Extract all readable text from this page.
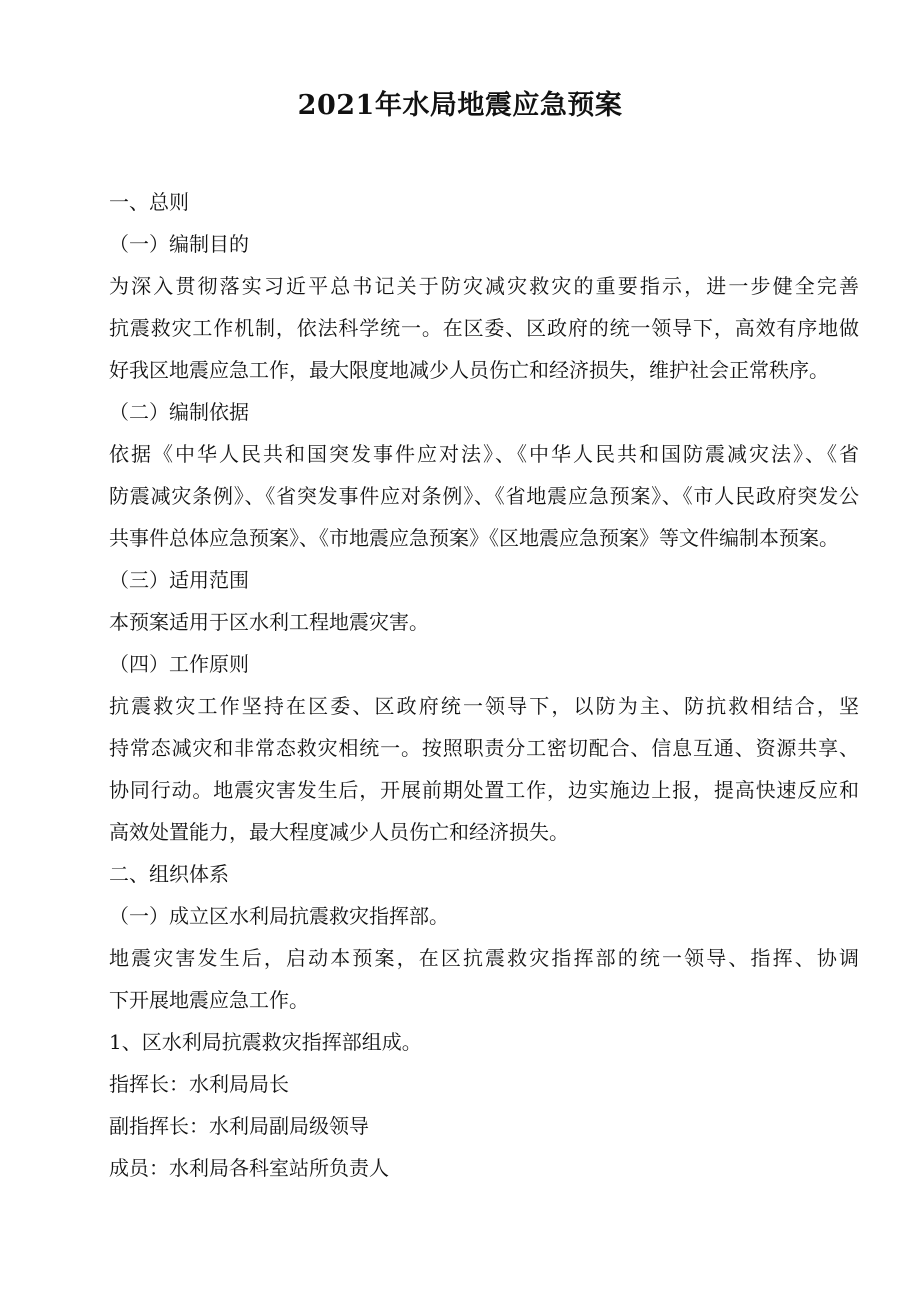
2021年水局地震应急预案
一、总则
（一）编制目的
为深入贯彻落实习近平总书记关于防灾减灾救灾的重要指示，进一步健全完善
抗震救灾工作机制，依法科学统一。在区委、区政府的统一领导下，高效有序地做
好我区地震应急工作，最大限度地减少人员伤亡和经济损失，维护社会正常秩序。
（二）编制依据
依据《中华人民共和国突发事件应对法》、《中华人民共和国防震减灾法》、《省
防震减灾条例》、《省突发事件应对条例》、《省地震应急预案》、《市人民政府突发公
共事件总体应急预案》、《市地震应急预案》《区地震应急预案》等文件编制本预案。
（三）适用范围
本预案适用于区水利工程地震灾害。
（四）工作原则
抗震救灾工作坚持在区委、区政府统一领导下，以防为主、防抗救相结合，坚
持常态减灾和非常态救灾相统一。按照职责分工密切配合、信息互通、资源共享、
协同行动。地震灾害发生后，开展前期处置工作，边实施边上报，提高快速反应和
高效处置能力，最大程度减少人员伤亡和经济损失。
二、组织体系
（一）成立区水利局抗震救灾指挥部。
地震灾害发生后，启动本预案，在区抗震救灾指挥部的统一领导、指挥、协调
下开展地震应急工作。
1、区水利局抗震救灾指挥部组成。
指挥长：水利局局长
副指挥长：水利局副局级领导
成员：水利局各科室站所负责人
